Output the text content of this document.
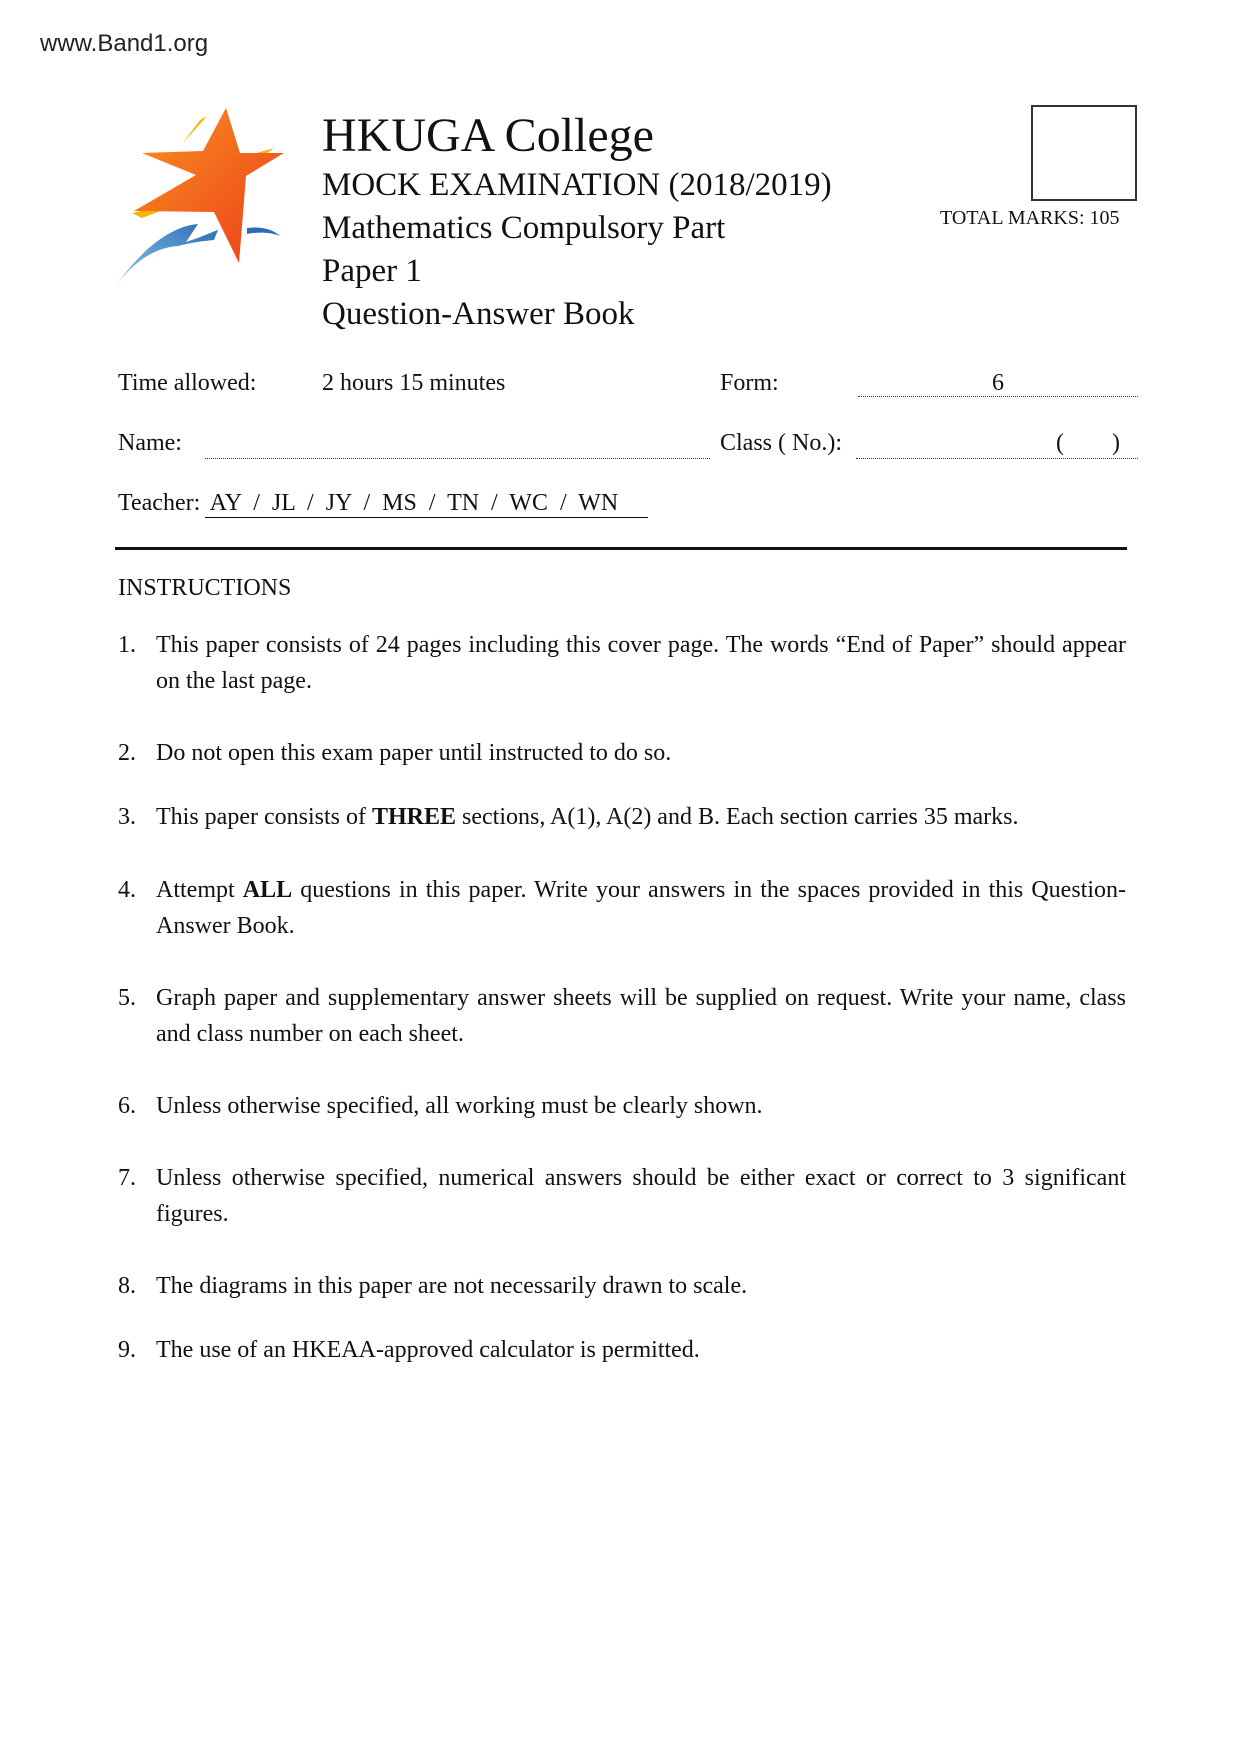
www.Band1.org
HKUGA College
MOCK EXAMINATION (2018/2019)
Mathematics Compulsory Part
Paper 1
Question-Answer Book
TOTAL MARKS: 105
Time allowed:	2 hours 15 minutes	Form:	6
Name:	Class ( No.):	(        )
Teacher: AY  /  JL  /  JY  /  MS  /  TN  /  WC  /  WN
INSTRUCTIONS
1. This paper consists of 24 pages including this cover page. The words “End of Paper” should appear on the last page.
2. Do not open this exam paper until instructed to do so.
3. This paper consists of THREE sections, A(1), A(2) and B. Each section carries 35 marks.
4. Attempt ALL questions in this paper. Write your answers in the spaces provided in this Question-Answer Book.
5. Graph paper and supplementary answer sheets will be supplied on request. Write your name, class and class number on each sheet.
6. Unless otherwise specified, all working must be clearly shown.
7. Unless otherwise specified, numerical answers should be either exact or correct to 3 significant figures.
8. The diagrams in this paper are not necessarily drawn to scale.
9. The use of an HKEAA-approved calculator is permitted.
